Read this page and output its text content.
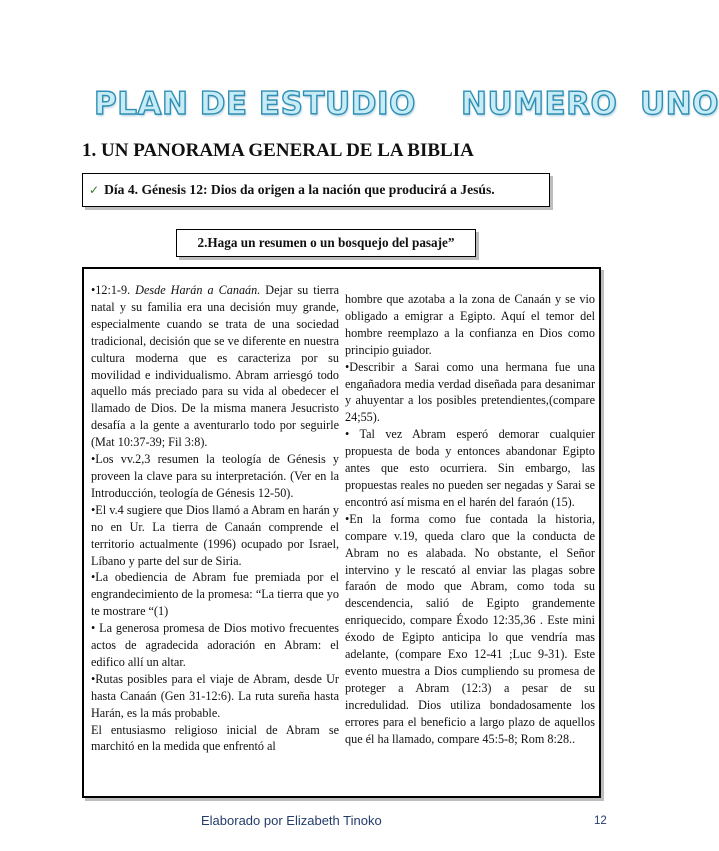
PLAN DE ESTUDIO    NUMERO  UNO
1. UN PANORAMA GENERAL DE LA BIBLIA
✓ Día 4. Génesis 12: Dios da origen a la nación que producirá a Jesús.
2.Haga un resumen o un bosquejo del pasaje”

•12:1-9. Desde Harán a Canaán. Dejar su tierra natal y su familia era una decisión muy grande, especialmente cuando se trata de una sociedad tradicional, decisión que se ve diferente en nuestra cultura moderna que es caracteriza por su movilidad e individualismo. Abram arriesgó todo aquello más preciado para su vida al obedecer el llamado de Dios. De la misma manera Jesucristo desafía a la gente a aventurarlo todo por seguirle (Mat 10:37-39; Fil 3:8).

•Los vv.2,3 resumen la teología de Génesis y proveen la clave para su interpretación. (Ver en la Introducción, teología de Génesis 12-50).

•El v.4 sugiere que Dios llamó a Abram en harán y no en Ur. La tierra de Canaán comprende el territorio actualmente (1996) ocupado por Israel, Líbano y parte del sur de Siria.

•La obediencia de Abram fue premiada por el engrandecimiento de la promesa: “La tierra que yo te mostrare “(1)

• La generosa promesa de Dios motivo frecuentes actos de agradecida adoración en Abram: el edifico allí un altar.

•Rutas posibles para el viaje de Abram, desde Ur hasta Canaán (Gen 31-12:6). La ruta sureña hasta Harán, es la más probable.

El entusiasmo religioso inicial de Abram se marchitó en la medida que enfrentó al

hombre que azotaba a la zona de Canaán y se vio obligado a emigrar a Egipto. Aquí el temor del hombre reemplazo a la confianza en Dios como principio guiador.

•Describir a Sarai como una hermana fue una engañadora media verdad diseñada para desanimar y ahuyentar a los posibles pretendientes,(compare 24;55).

• Tal vez Abram esperó demorar cualquier propuesta de boda y entonces abandonar Egipto antes que esto ocurriera. Sin embargo, las propuestas reales no pueden ser negadas y Sarai se encontró así misma en el harén del faraón (15).

•En la forma como fue contada la historia, compare v.19, queda claro que la conducta de Abram no es alabada. No obstante, el Señor intervino y le rescató al enviar las plagas sobre faraón de modo que Abram, como toda su descendencia, salió de Egipto grandemente enriquecido, compare Éxodo 12:35,36 . Este mini éxodo de Egipto anticipa lo que vendría mas adelante, (compare Exo 12-41 ;Luc 9-31). Este evento muestra a Dios cumpliendo su promesa de proteger a Abram (12:3) a pesar de su incredulidad. Dios utiliza bondadosamente los errores para el beneficio a largo plazo de aquellos que él ha llamado, compare 45:5-8; Rom 8:28..

Elaborado por Elizabeth Tinoko	12
